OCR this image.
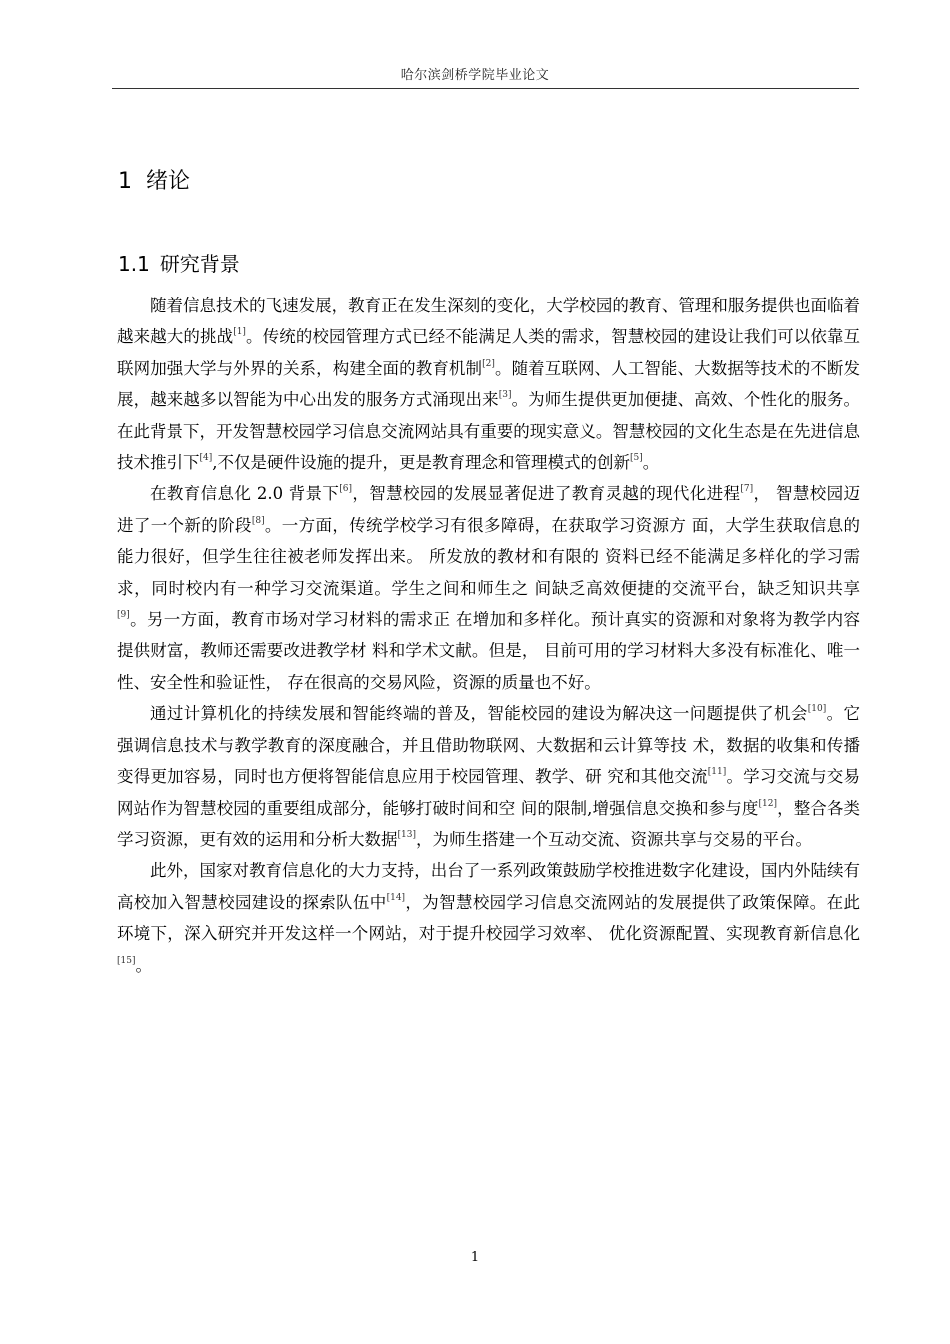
哈尔滨剑桥学院毕业论文
1 绪论
1.1 研究背景

随着信息技术的飞速发展，教育正在发生深刻的变化，大学校园的教育、管理和服务提供也面临着越来越大的挑战[1]。传统的校园管理方式已经不能满足人类的需求，智慧校园的建设让我们可以依靠互联网加强大学与外界的关系，构建全面的教育机制[2]。随着互联网、人工智能、大数据等技术的不断发展，越来越多以智能为中心出发的服务方式涌现出来[3]。为师生提供更加便捷、高效、个性化的服务。在此背景下，开发智慧校园学习信息交流网站具有重要的现实意义。智慧校园的文化生态是在先进信息技术推引下[4],不仅是硬件设施的提升，更是教育理念和管理模式的创新[5]。

在教育信息化 2.0 背景下[6]，智慧校园的发展显著促进了教育灵越的现代化进程[7]， 智慧校园迈进了一个新的阶段[8]。一方面，传统学校学习有很多障碍，在获取学习资源方 面，大学生获取信息的能力很好，但学生往往被老师发挥出来。 所发放的教材和有限的 资料已经不能满足多样化的学习需求，同时校内有一种学习交流渠道。学生之间和师生之 间缺乏高效便捷的交流平台，缺乏知识共享[9]。另一方面，教育市场对学习材料的需求正 在增加和多样化。预计真实的资源和对象将为教学内容提供财富，教师还需要改进教学材 料和学术文献。但是， 目前可用的学习材料大多没有标准化、唯一性、安全性和验证性， 存在很高的交易风险，资源的质量也不好。

通过计算机化的持续发展和智能终端的普及，智能校园的建设为解决这一问题提供了机会[10]。它强调信息技术与教学教育的深度融合，并且借助物联网、大数据和云计算等技 术，数据的收集和传播变得更加容易，同时也方便将智能信息应用于校园管理、教学、研 究和其他交流[11]。学习交流与交易网站作为智慧校园的重要组成部分，能够打破时间和空 间的限制,增强信息交换和参与度[12]，整合各类学习资源，更有效的运用和分析大数据[13]，为师生搭建一个互动交流、资源共享与交易的平台。

此外，国家对教育信息化的大力支持，出台了一系列政策鼓励学校推进数字化建设，国内外陆续有高校加入智慧校园建设的探索队伍中[14]，为智慧校园学习信息交流网站的发展提供了政策保障。在此环境下，深入研究并开发这样一个网站，对于提升校园学习效率、 优化资源配置、实现教育新信息化[15]。

1
